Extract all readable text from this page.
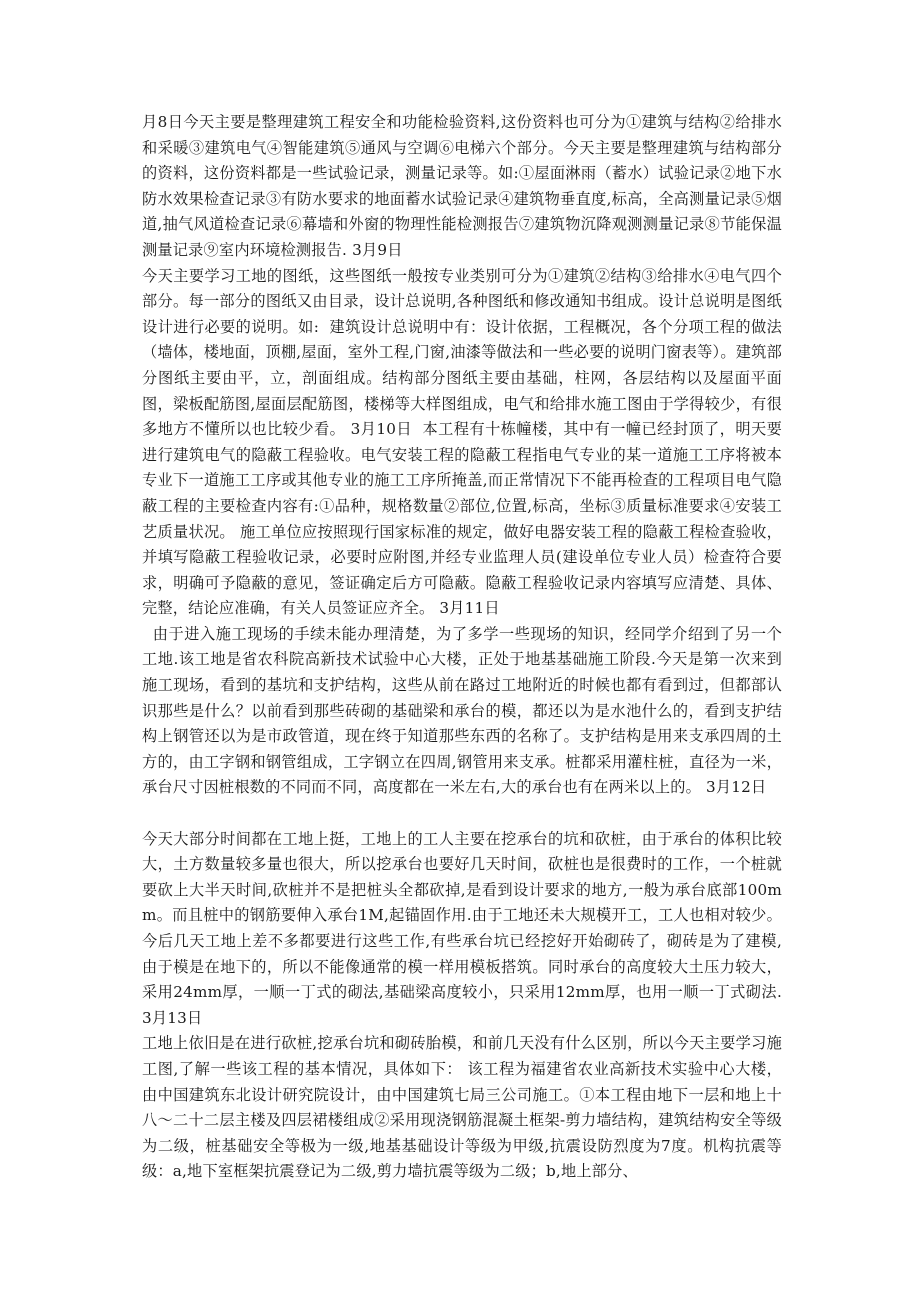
月8日今天主要是整理建筑工程安全和功能检验资料,这份资料也可分为①建筑与结构②给排水和采暖③建筑电气④智能建筑⑤通风与空调⑥电梯六个部分。今天主要是整理建筑与结构部分的资料，这份资料都是一些试验记录，测量记录等。如:①屋面淋雨（蓄水）试验记录②地下水防水效果检查记录③有防水要求的地面蓄水试验记录④建筑物垂直度,标高，全高测量记录⑤烟道,抽气风道检查记录⑥幕墙和外窗的物理性能检测报告⑦建筑物沉降观测测量记录⑧节能保温测量记录⑨室内环境检测报告. 3月9日

今天主要学习工地的图纸，这些图纸一般按专业类别可分为①建筑②结构③给排水④电气四个部分。每一部分的图纸又由目录，设计总说明,各种图纸和修改通知书组成。设计总说明是图纸设计进行必要的说明。如:  建筑设计总说明中有：设计依据，工程概况，各个分项工程的做法（墙体，楼地面，顶棚,屋面，室外工程,门窗,油漆等做法和一些必要的说明门窗表等）。建筑部分图纸主要由平，立，剖面组成。结构部分图纸主要由基础，柱网，各层结构以及屋面平面图，梁板配筋图,屋面层配筋图，楼梯等大样图组成，电气和给排水施工图由于学得较少，有很多地方不懂所以也比较少看。 3月10日  本工程有十栋幢楼，其中有一幢已经封顶了，明天要进行建筑电气的隐蔽工程验收。电气安装工程的隐蔽工程指电气专业的某一道施工工序将被本专业下一道施工工序或其他专业的施工工序所掩盖,而正常情况下不能再检查的工程项目电气隐蔽工程的主要检查内容有:①品种，规格数量②部位,位置,标高，坐标③质量标准要求④安装工艺质量状况。 施工单位应按照现行国家标准的规定，做好电器安装工程的隐蔽工程检查验收，并填写隐蔽工程验收记录，必要时应附图,并经专业监理人员(建设单位专业人员）检查符合要求，明确可予隐蔽的意见，签证确定后方可隐蔽。隐蔽工程验收记录内容填写应清楚、具体、完整，结论应准确，有关人员签证应齐全。 3月11日

由于进入施工现场的手续未能办理清楚，为了多学一些现场的知识，经同学介绍到了另一个工地.该工地是省农科院高新技术试验中心大楼，正处于地基基础施工阶段.今天是第一次来到施工现场，看到的基坑和支护结构，这些从前在路过工地附近的时候也都有看到过，但都部认识那些是什么？以前看到那些砖砌的基础梁和承台的模，都还以为是水池什么的，看到支护结构上钢管还以为是市政管道，现在终于知道那些东西的名称了。支护结构是用来支承四周的土方的，由工字钢和钢管组成，工字钢立在四周,钢管用来支承。桩都采用灌柱桩，直径为一米，承台尺寸因桩根数的不同而不同，高度都在一米左右,大的承台也有在两米以上的。 3月12日

今天大部分时间都在工地上挺，工地上的工人主要在挖承台的坑和砍桩，由于承台的体积比较大，土方数量较多量也很大，所以挖承台也要好几天时间，砍桩也是很费时的工作，一个桩就要砍上大半天时间,砍桩并不是把桩头全都砍掉,是看到设计要求的地方,一般为承台底部100mm。而且桩中的钢筋要伸入承台1M,起锚固作用.由于工地还未大规模开工，工人也相对较少。今后几天工地上差不多都要进行这些工作,有些承台坑已经挖好开始砌砖了，砌砖是为了建模,由于模是在地下的，所以不能像通常的模一样用模板搭筑。同时承台的高度较大土压力较大，采用24mm厚，一顺一丁式的砌法,基础梁高度较小，只采用12mm厚，也用一顺一丁式砌法. 3月13日

工地上依旧是在进行砍桩,挖承台坑和砌砖胎模，和前几天没有什么区别，所以今天主要学习施工图,了解一些该工程的基本情况，具体如下： 该工程为福建省农业高新技术实验中心大楼，由中国建筑东北设计研究院设计，由中国建筑七局三公司施工。①本工程由地下一层和地上十八～二十二层主楼及四层裙楼组成②采用现浇钢筋混凝土框架-剪力墙结构，建筑结构安全等级为二级，桩基础安全等极为一级,地基基础设计等级为甲级,抗震设防烈度为7度。机构抗震等级：a,地下室框架抗震登记为二级,剪力墙抗震等级为二级；b,地上部分、
